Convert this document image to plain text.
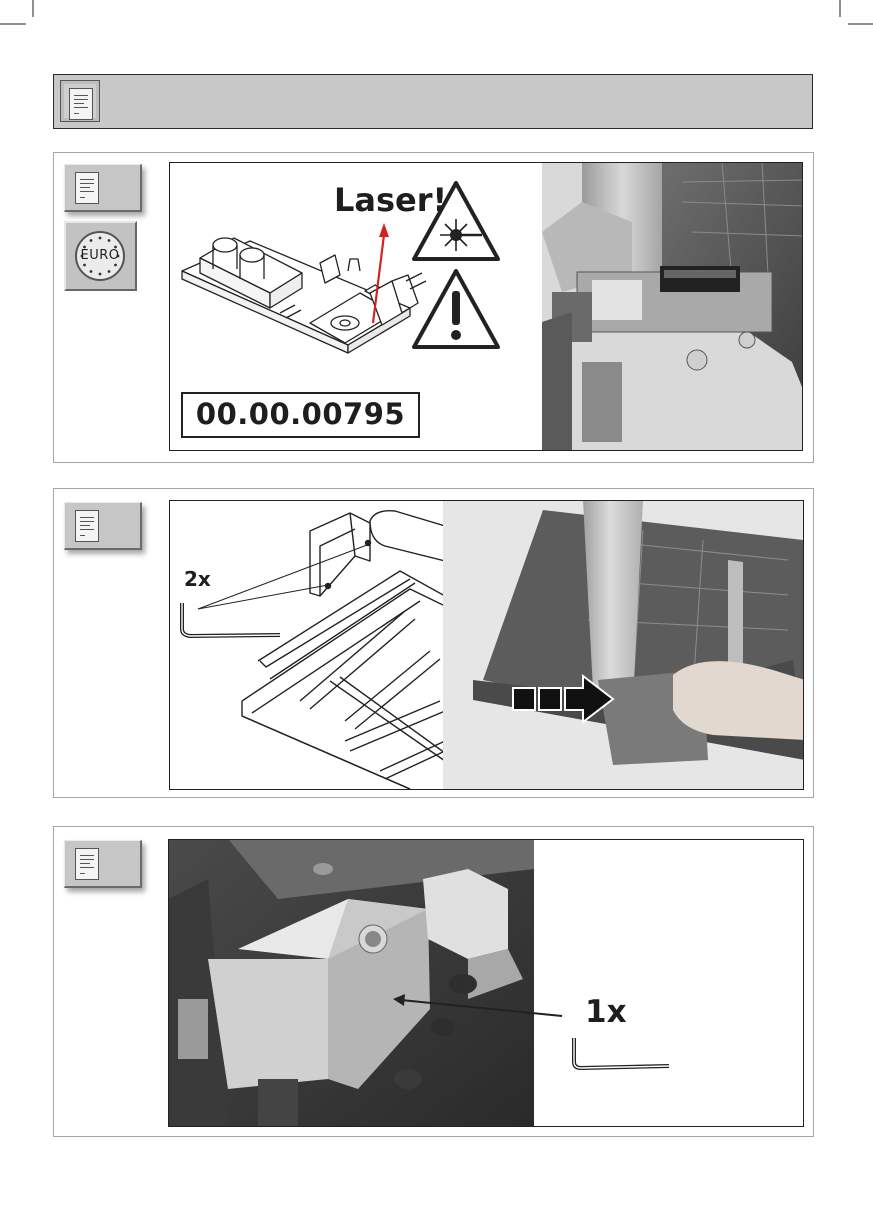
EURO
Laser!
00.00.00795
2x
1x
